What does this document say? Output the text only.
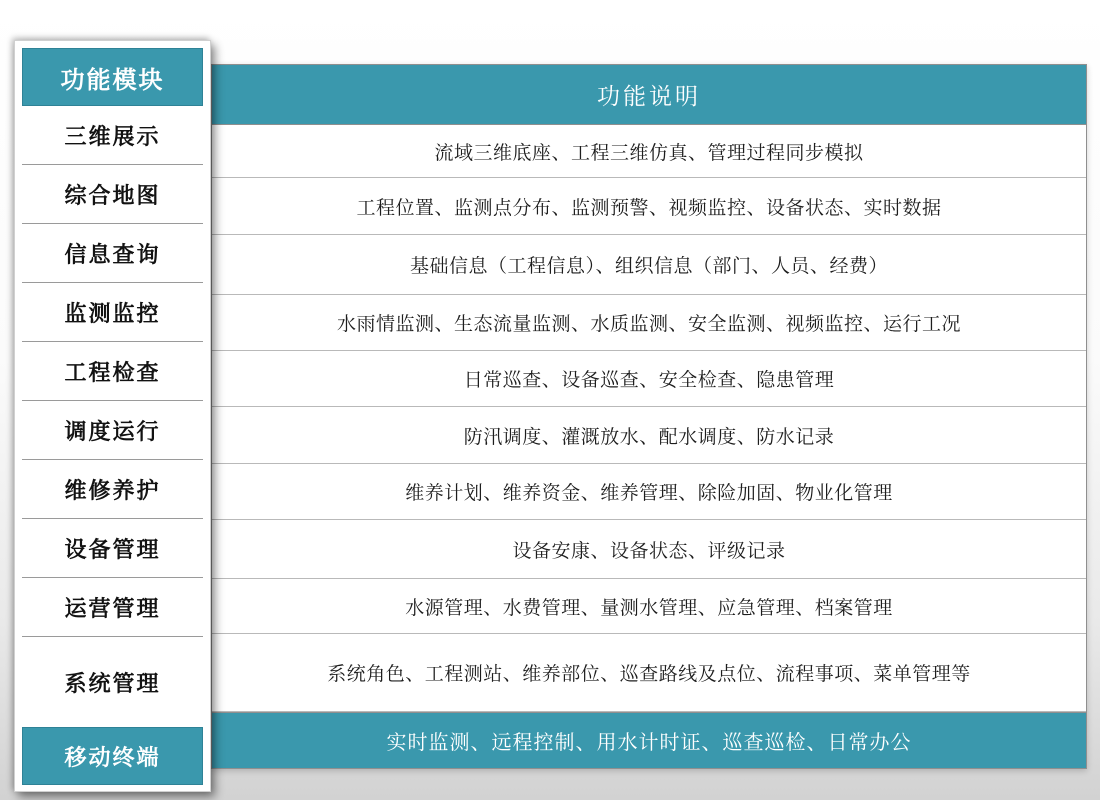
功能说明
流域三维底座、工程三维仿真、管理过程同步模拟
工程位置、监测点分布、监测预警、视频监控、设备状态、实时数据
基础信息（工程信息）、组织信息（部门、人员、经费）
水雨情监测、生态流量监测、水质监测、安全监测、视频监控、运行工况
日常巡查、设备巡查、安全检查、隐患管理
防汛调度、灌溉放水、配水调度、防水记录
维养计划、维养资金、维养管理、除险加固、物业化管理
设备安康、设备状态、评级记录
水源管理、水费管理、量测水管理、应急管理、档案管理
系统角色、工程测站、维养部位、巡查路线及点位、流程事项、菜单管理等
实时监测、远程控制、用水计时证、巡查巡检、日常办公
功能模块
三维展示
综合地图
信息查询
监测监控
工程检查
调度运行
维修养护
设备管理
运营管理
系统管理
移动终端
